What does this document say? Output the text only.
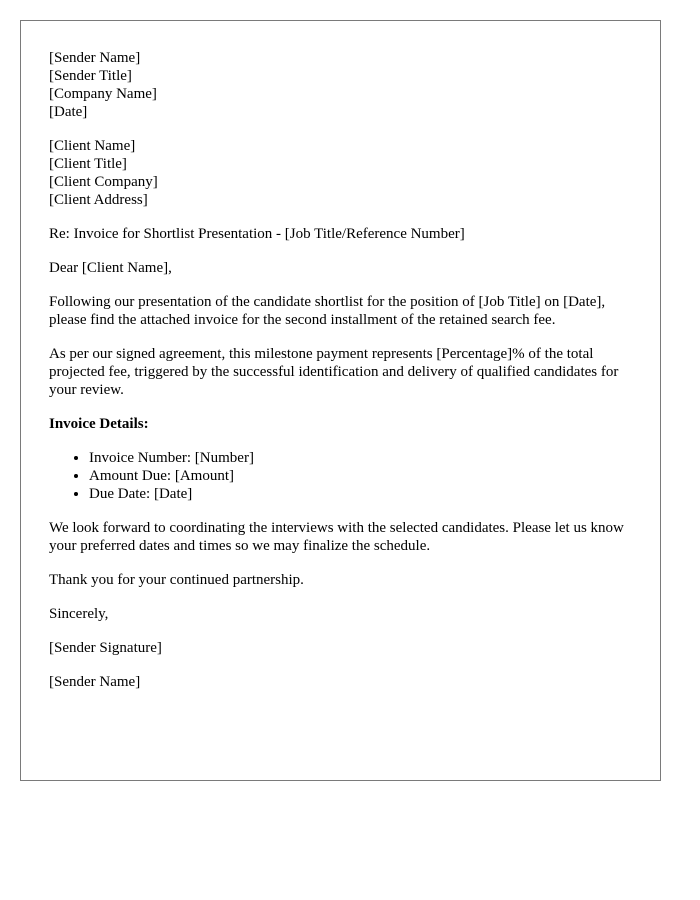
[Sender Name]
[Sender Title]
[Company Name]
[Date]
[Client Name]
[Client Title]
[Client Company]
[Client Address]

Re: Invoice for Shortlist Presentation - [Job Title/Reference Number]

Dear [Client Name],

Following our presentation of the candidate shortlist for the position of [Job Title] on [Date], please find the attached invoice for the second installment of the retained search fee.

As per our signed agreement, this milestone payment represents [Percentage]% of the total projected fee, triggered by the successful identification and delivery of qualified candidates for your review.

Invoice Details:

• Invoice Number: [Number]
• Amount Due: [Amount]
• Due Date: [Date]

We look forward to coordinating the interviews with the selected candidates. Please let us know your preferred dates and times so we may finalize the schedule.

Thank you for your continued partnership.

Sincerely,

[Sender Signature]

[Sender Name]
